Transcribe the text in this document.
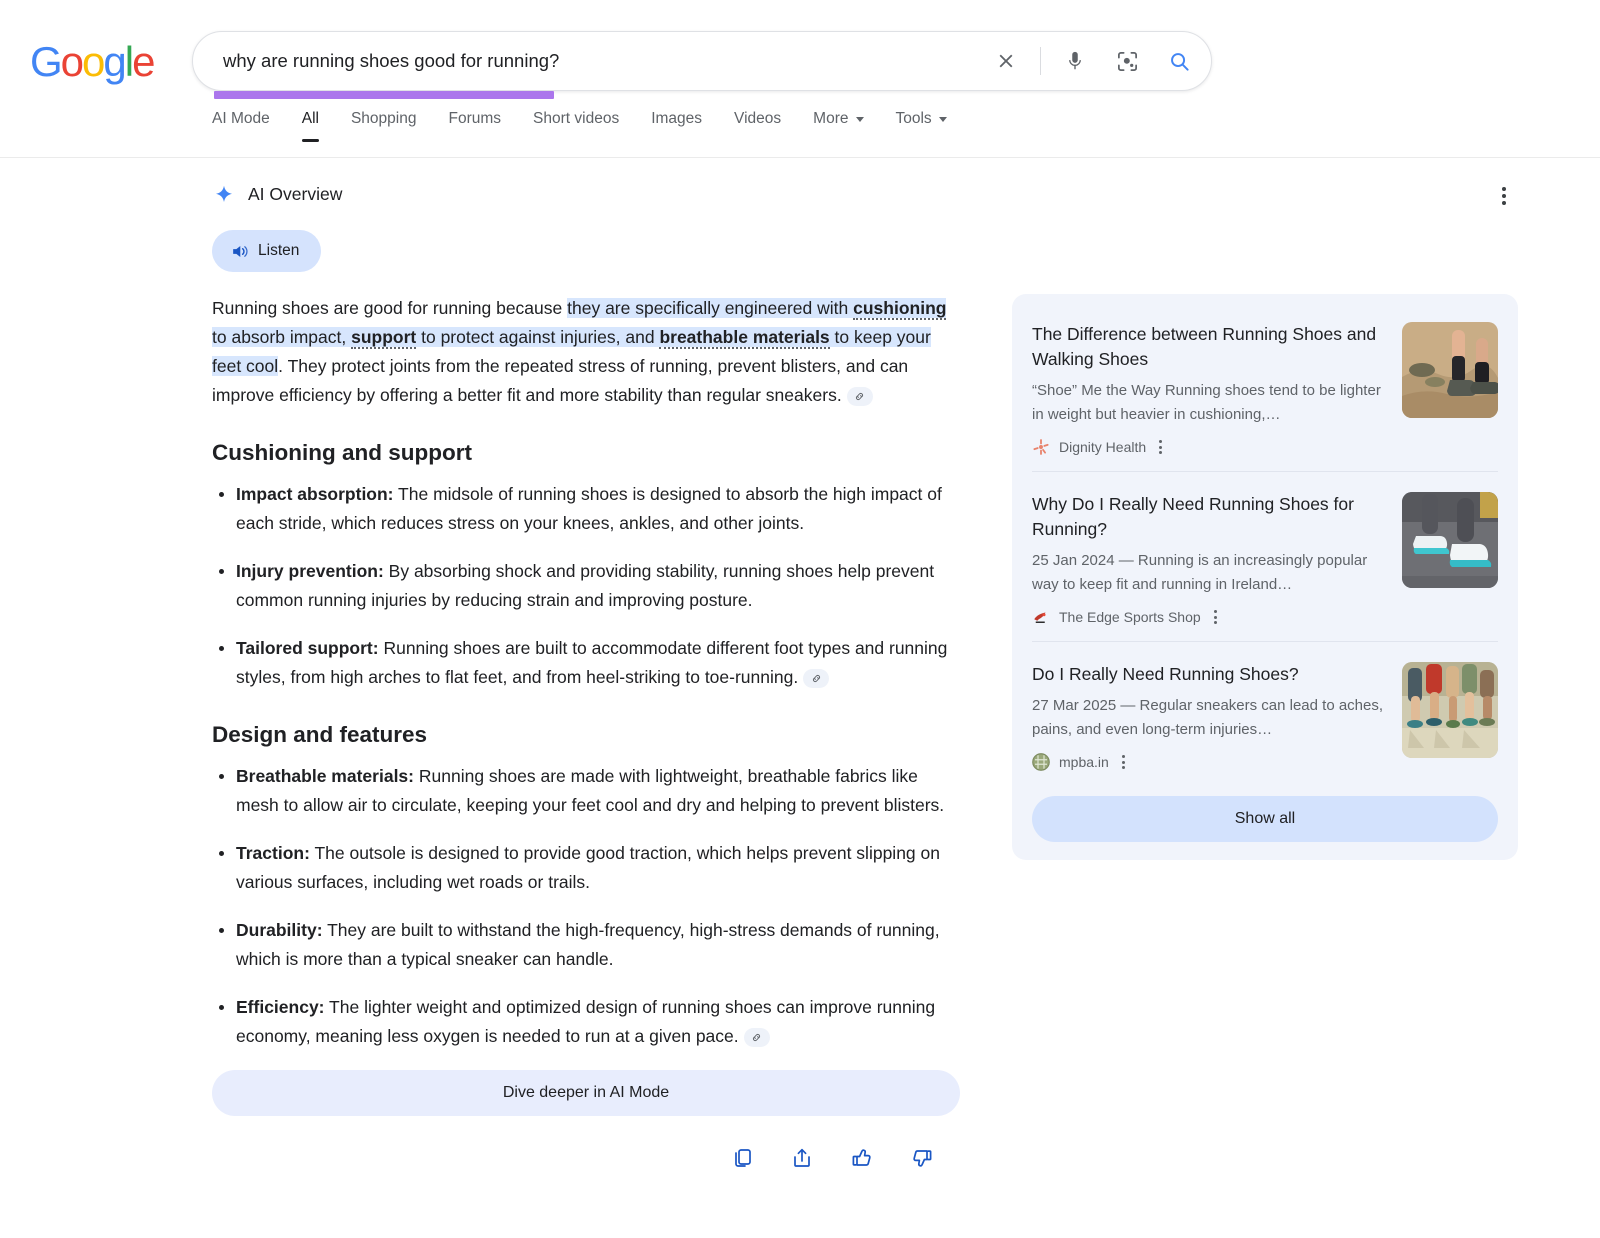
Google
why are running shoes good for running?
AI Mode All Shopping Forums Short videos Images Videos More	Tools
AI Overview
Listen

Running shoes are good for running because they are specifically engineered with cushioning to absorb impact, support to protect against injuries, and breathable materials to keep your feet cool. They protect joints from the repeated stress of running, prevent blisters, and can improve efficiency by offering a better fit and more stability than regular sneakers.

Cushioning and support
Impact absorption: The midsole of running shoes is designed to absorb the high impact of each stride, which reduces stress on your knees, ankles, and other joints.
Injury prevention: By absorbing shock and providing stability, running shoes help prevent common running injuries by reducing strain and improving posture.
Tailored support: Running shoes are built to accommodate different foot types and running styles, from high arches to flat feet, and from heel-striking to toe-running.
Design and features
Breathable materials: Running shoes are made with lightweight, breathable fabrics like mesh to allow air to circulate, keeping your feet cool and dry and helping to prevent blisters.
Traction: The outsole is designed to provide good traction, which helps prevent slipping on various surfaces, including wet roads or trails.
Durability: They are built to withstand the high-frequency, high-stress demands of running, which is more than a typical sneaker can handle.
Efficiency: The lighter weight and optimized design of running shoes can improve running economy, meaning less oxygen is needed to run at a given pace.
Dive deeper in AI Mode

The Difference between Running Shoes and Walking Shoes

“Shoe” Me the Way Running shoes tend to be lighter in weight but heavier in cushioning,…

Dignity Health

Why Do I Really Need Running Shoes for Running?

25 Jan 2024 — Running is an increasingly popular way to keep fit and running in Ireland…

The Edge Sports Shop

Do I Really Need Running Shoes?

27 Mar 2025 — Regular sneakers can lead to aches, pains, and even long-term injuries…

mpba.in
Show all
